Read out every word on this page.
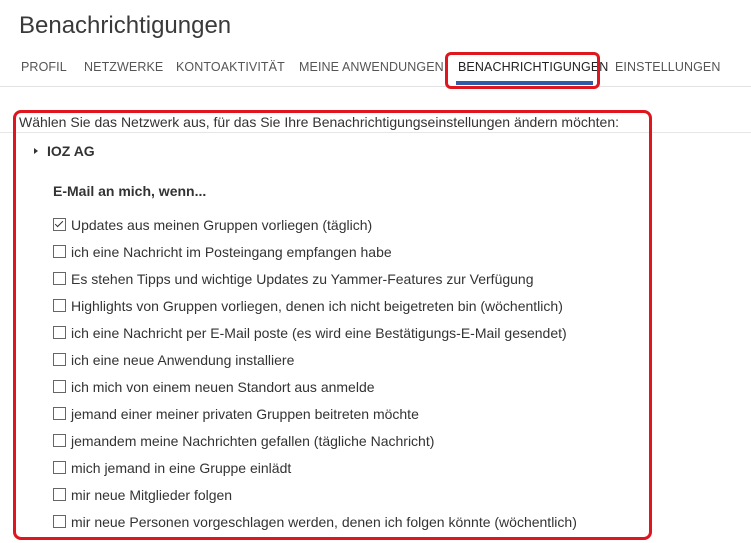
Benachrichtigungen
PROFIL NETZWERKE KONTOAKTIVITÄT MEINE ANWENDUNGEN BENACHRICHTIGUNGEN EINSTELLUNGEN
Wählen Sie das Netzwerk aus, für das Sie Ihre Benachrichtigungseinstellungen ändern möchten:
IOZ AG
E-Mail an mich, wenn...
Updates aus meinen Gruppen vorliegen (täglich)
ich eine Nachricht im Posteingang empfangen habe
Es stehen Tipps und wichtige Updates zu Yammer-Features zur Verfügung
Highlights von Gruppen vorliegen, denen ich nicht beigetreten bin (wöchentlich)
ich eine Nachricht per E-Mail poste (es wird eine Bestätigungs-E-Mail gesendet)
ich eine neue Anwendung installiere
ich mich von einem neuen Standort aus anmelde
jemand einer meiner privaten Gruppen beitreten möchte
jemandem meine Nachrichten gefallen (tägliche Nachricht)
mich jemand in eine Gruppe einlädt
mir neue Mitglieder folgen
mir neue Personen vorgeschlagen werden, denen ich folgen könnte (wöchentlich)
